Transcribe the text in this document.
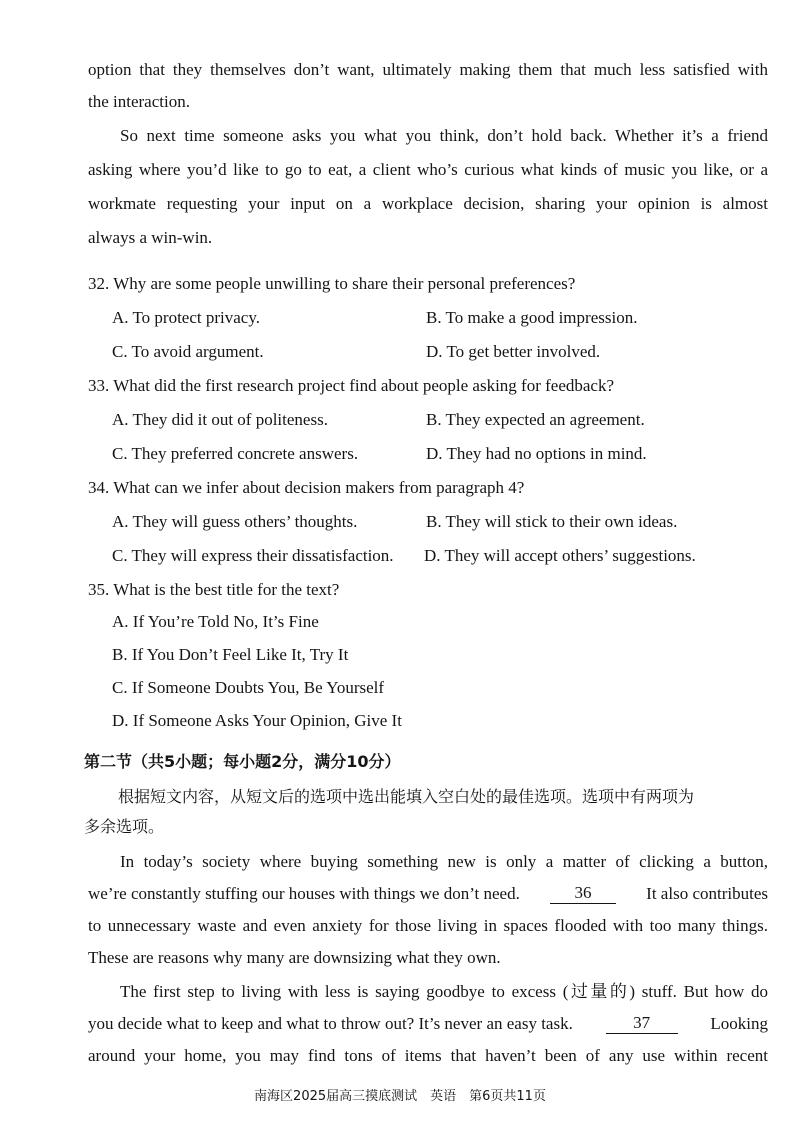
option that they themselves don’t want, ultimately making them that much less satisfied with
the interaction.
So next time someone asks you what you think, don’t hold back. Whether it’s a friend
asking where you’d like to go to eat, a client who’s curious what kinds of music you like, or a
workmate requesting your input on a workplace decision, sharing your opinion is almost
always a win-win.
32. Why are some people unwilling to share their personal preferences?
A. To protect privacy.	B. To make a good impression.
C. To avoid argument.	D. To get better involved.
33. What did the first research project find about people asking for feedback?
A. They did it out of politeness.	B. They expected an agreement.
C. They preferred concrete answers.	D. They had no options in mind.
34. What can we infer about decision makers from paragraph 4?
A. They will guess others’ thoughts.	B. They will stick to their own ideas.
C. They will express their dissatisfaction. D. They will accept others’ suggestions.
35. What is the best title for the text?
A. If You’re Told No, It’s Fine
B. If You Don’t Feel Like It, Try It
C. If Someone Doubts You, Be Yourself
D. If Someone Asks Your Opinion, Give It
第二节（共5小题；每小题2分，满分10分）
根据短文内容，从短文后的选项中选出能填入空白处的最佳选项。选项中有两项为
多余选项。
In today’s society where buying something new is only a matter of clicking a button,
we’re constantly stuffing our houses with things we don’t need.	36	It also contributes
to unnecessary waste and even anxiety for those living in spaces flooded with too many things.
These are reasons why many are downsizing what they own.
The first step to living with less is saying goodbye to excess (过量的) stuff. But how do
you decide what to keep and what to throw out? It’s never an easy task.	37	Looking
around your home, you may find tons of items that haven’t been of any use within recent
南海区2025届高三摸底测试　英语　第6页共11页
